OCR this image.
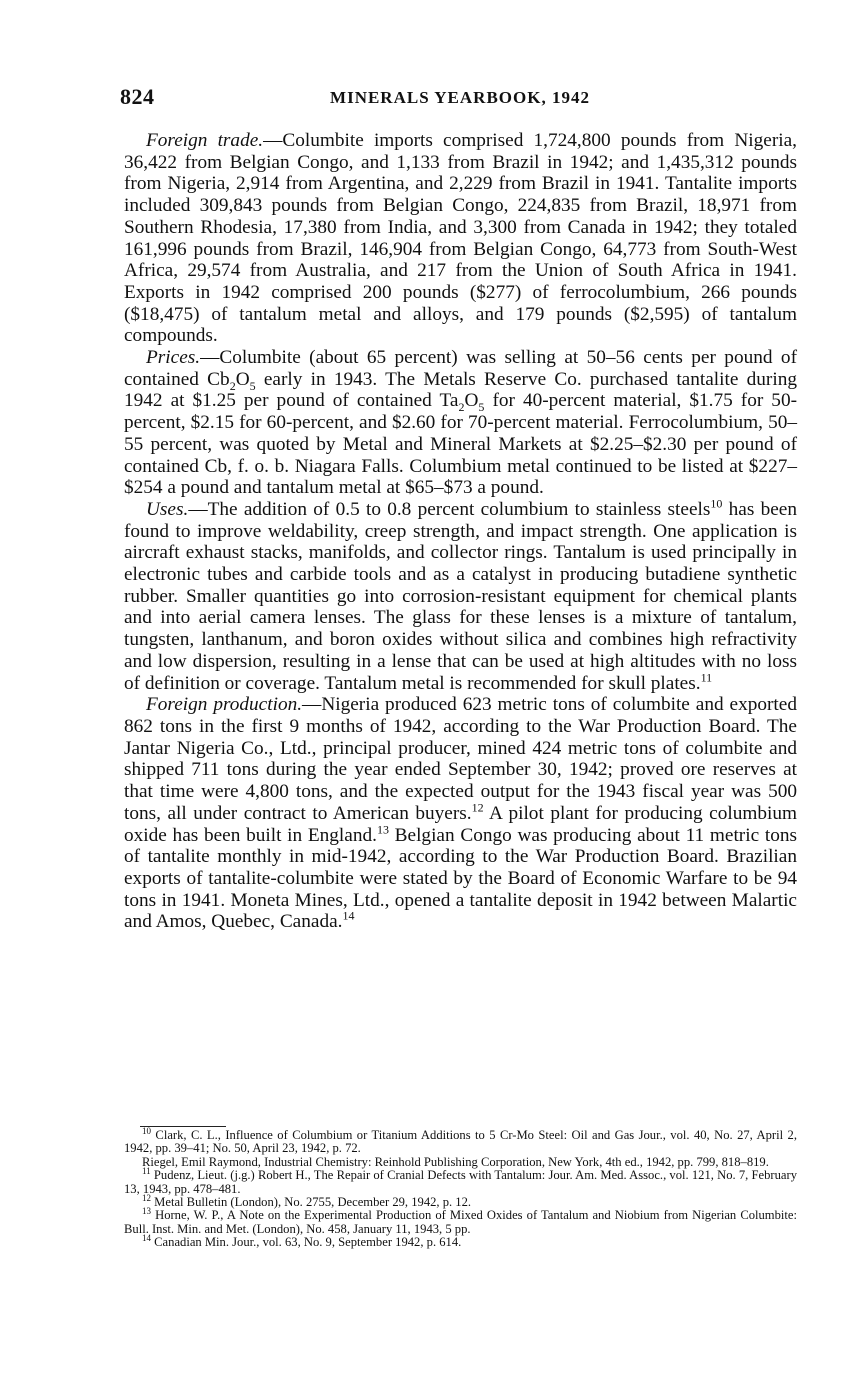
824	MINERALS YEARBOOK, 1942

Foreign trade.—Columbite imports comprised 1,724,800 pounds from Nigeria, 36,422 from Belgian Congo, and 1,133 from Brazil in 1942; and 1,435,312 pounds from Nigeria, 2,914 from Argentina, and 2,229 from Brazil in 1941. Tantalite imports included 309,843 pounds from Belgian Congo, 224,835 from Brazil, 18,971 from Southern Rhodesia, 17,380 from India, and 3,300 from Canada in 1942; they totaled 161,996 pounds from Brazil, 146,904 from Belgian Congo, 64,773 from South-West Africa, 29,574 from Australia, and 217 from the Union of South Africa in 1941. Exports in 1942 comprised 200 pounds ($277) of ferrocolumbium, 266 pounds ($18,475) of tantalum metal and alloys, and 179 pounds ($2,595) of tantalum compounds.

Prices.—Columbite (about 65 percent) was selling at 50–56 cents per pound of contained $Cb_2O_5$ early in 1943. The Metals Reserve Co. purchased tantalite during 1942 at $1.25 per pound of contained $Ta_2O_5$ for 40-percent material, $1.75 for 50-percent, $2.15 for 60-percent, and $2.60 for 70-percent material. Ferrocolumbium, 50–55 percent, was quoted by Metal and Mineral Markets at $2.25–$2.30 per pound of contained Cb, f. o. b. Niagara Falls. Columbium metal continued to be listed at $227–$254 a pound and tantalum metal at $65–$73 a pound.

Uses.—The addition of 0.5 to 0.8 percent columbium to stainless steels$^{10}$ has been found to improve weldability, creep strength, and impact strength. One application is aircraft exhaust stacks, manifolds, and collector rings. Tantalum is used principally in electronic tubes and carbide tools and as a catalyst in producing butadiene synthetic rubber. Smaller quantities go into corrosion-resistant equipment for chemical plants and into aerial camera lenses. The glass for these lenses is a mixture of tantalum, tungsten, lanthanum, and boron oxides without silica and combines high refractivity and low dispersion, resulting in a lense that can be used at high altitudes with no loss of definition or coverage. Tantalum metal is recommended for skull plates.$^{11}$

Foreign production.—Nigeria produced 623 metric tons of columbite and exported 862 tons in the first 9 months of 1942, according to the War Production Board. The Jantar Nigeria Co., Ltd., principal producer, mined 424 metric tons of columbite and shipped 711 tons during the year ended September 30, 1942; proved ore reserves at that time were 4,800 tons, and the expected output for the 1943 fiscal year was 500 tons, all under contract to American buyers.$^{12}$ A pilot plant for producing columbium oxide has been built in England.$^{13}$ Belgian Congo was producing about 11 metric tons of tantalite monthly in mid-1942, according to the War Production Board. Brazilian exports of tantalite-columbite were stated by the Board of Economic Warfare to be 94 tons in 1941. Moneta Mines, Ltd., opened a tantalite deposit in 1942 between Malartic and Amos, Quebec, Canada.$^{14}$

$^{10}$ Clark, C. L., Influence of Columbium or Titanium Additions to 5 Cr-Mo Steel: Oil and Gas Jour., vol. 40, No. 27, April 2, 1942, pp. 39–41; No. 50, April 23, 1942, p. 72.

Riegel, Emil Raymond, Industrial Chemistry: Reinhold Publishing Corporation, New York, 4th ed., 1942, pp. 799, 818–819.

$^{11}$ Pudenz, Lieut. (j.g.) Robert H., The Repair of Cranial Defects with Tantalum: Jour. Am. Med. Assoc., vol. 121, No. 7, February 13, 1943, pp. 478–481.

$^{12}$ Metal Bulletin (London), No. 2755, December 29, 1942, p. 12.

$^{13}$ Horne, W. P., A Note on the Experimental Production of Mixed Oxides of Tantalum and Niobium from Nigerian Columbite: Bull. Inst. Min. and Met. (London), No. 458, January 11, 1943, 5 pp.

$^{14}$ Canadian Min. Jour., vol. 63, No. 9, September 1942, p. 614.
